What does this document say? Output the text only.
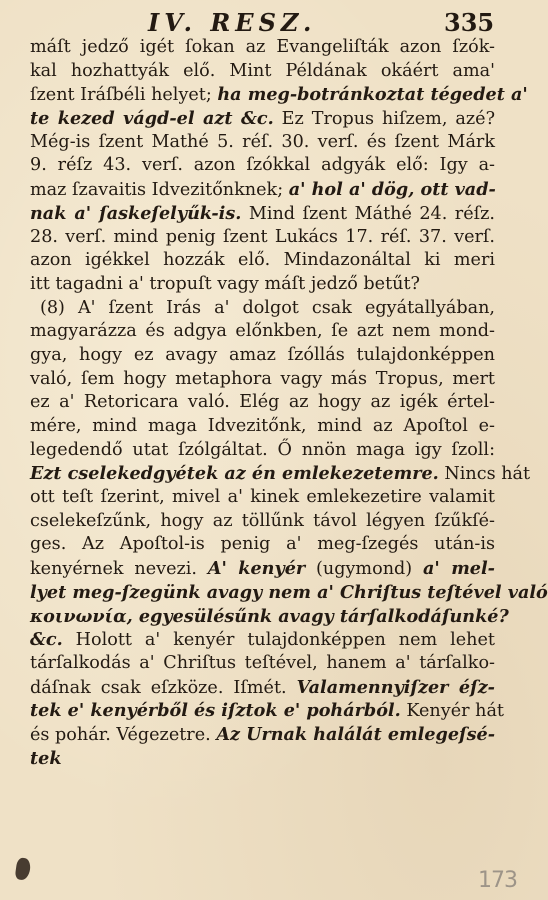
IV. RESZ.	335
máſt jedző igét ſokan az Evangeliſták azon ſzók-
kal hozhattyák elő. Mint Példának okáért ama'
ſzent Iráſbéli helyet; ha meg-botránkoztat tégedet a'
te kezed vágd-el azt &c. Ez Tropus hiſzem, azé?
Még-is ſzent Mathé 5. réſ. 30. verſ. és ſzent Márk
9. réſz 43. verſ. azon ſzókkal adgyák elő: Igy a-
maz ſzavaitis Idvezitőnknek; a' hol a' dög, ott vad-
nak a' ſaskeſelyűk-is. Mind ſzent Máthé 24. réſz.
28. verſ. mind penig ſzent Lukács 17. réſ. 37. verſ.
azon igékkel hozzák elő. Mindazonáltal ki meri
itt tagadni a' tropuſt vagy máſt jedző betűt?
(8) A' ſzent Irás a' dolgot csak egyátallyában,
magyarázza és adgya előnkben, ſe azt nem mond-
gya, hogy ez avagy amaz ſzóllás tulajdonképpen
való, ſem hogy metaphora vagy más Tropus, mert
ez a' Retoricara való. Elég az hogy az igék értel-
mére, mind maga Idvezitőnk, mind az Apoſtol e-
legedendő utat ſzólgáltat. Ő nnön maga igy ſzoll:
Ezt cselekedgyétek az én emlekezetemre. Nincs hát
ott teſt ſzerint, mivel a' kinek emlekezetire valamit
cselekeſzűnk, hogy az töllűnk távol légyen ſzűkſé-
ges. Az Apoſtol-is penig a' meg-ſzegés után-is
kenyérnek nevezi. A' kenyér (ugymond) a' mel-
lyet meg-ſzegünk avagy nem a' Chriſtus teſtével való
κοινωνία, egyesülésűnk avagy tárſalkodáſunké?
&c. Holott a' kenyér tulajdonképpen nem lehet
tárſalkodás a' Chriſtus teſtével, hanem a' tárſalko-
dáſnak csak eſzköze. Iſmét. Valamennyiſzer éſz-
tek e' kenyérből és iſztok e' pohárból. Kenyér hát
és pohár. Végezetre. Az Urnak halálát emlegeſsé-
tek
173
